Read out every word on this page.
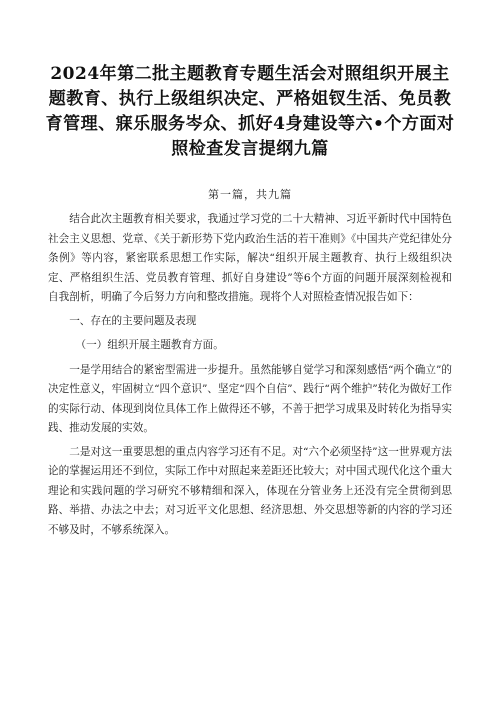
2024年第二批主题教育专题生活会对照组织开展主题教育、执行上级组织决定、严格姐钗生活、免员教育管理、寐乐服务岑众、抓好4身建设等六•个方面对照检查发言提纲九篇
第一篇，共九篇

结合此次主题教育相关要求，我通过学习党的二十大精神、习近平新时代中国特色社会主义思想、党章、《关于新形势下党内政治生活的若干准则》《中国共产党纪律处分条例》等内容，紧密联系思想工作实际，解决“组织开展主题教育、执行上级组织决定、严格组织生活、党员教育管理、抓好自身建设”等6个方面的问题开展深刻检视和自我剖析，明确了今后努力方向和整改措施。现将个人对照检查情况报告如下：

一、存在的主要问题及表现
（一）组织开展主题教育方面。

一是学用结合的紧密型需进一步提升。虽然能够自觉学习和深刻感悟“两个确立”的决定性意义，牢固树立“四个意识”、坚定“四个自信”、践行“两个维护”转化为做好工作的实际行动、体现到岗位具体工作上做得还不够，不善于把学习成果及时转化为指导实践、推动发展的实效。

二是对这一重要思想的重点内容学习还有不足。对“六个必须坚持”这一世界观方法论的掌握运用还不到位，实际工作中对照起来差距还比较大；对中国式现代化这个重大理论和实践问题的学习研究不够精细和深入，体现在分管业务上还没有完全贯彻到思路、举措、办法之中去；对习近平文化思想、经济思想、外交思想等新的内容的学习还不够及时，不够系统深入。
